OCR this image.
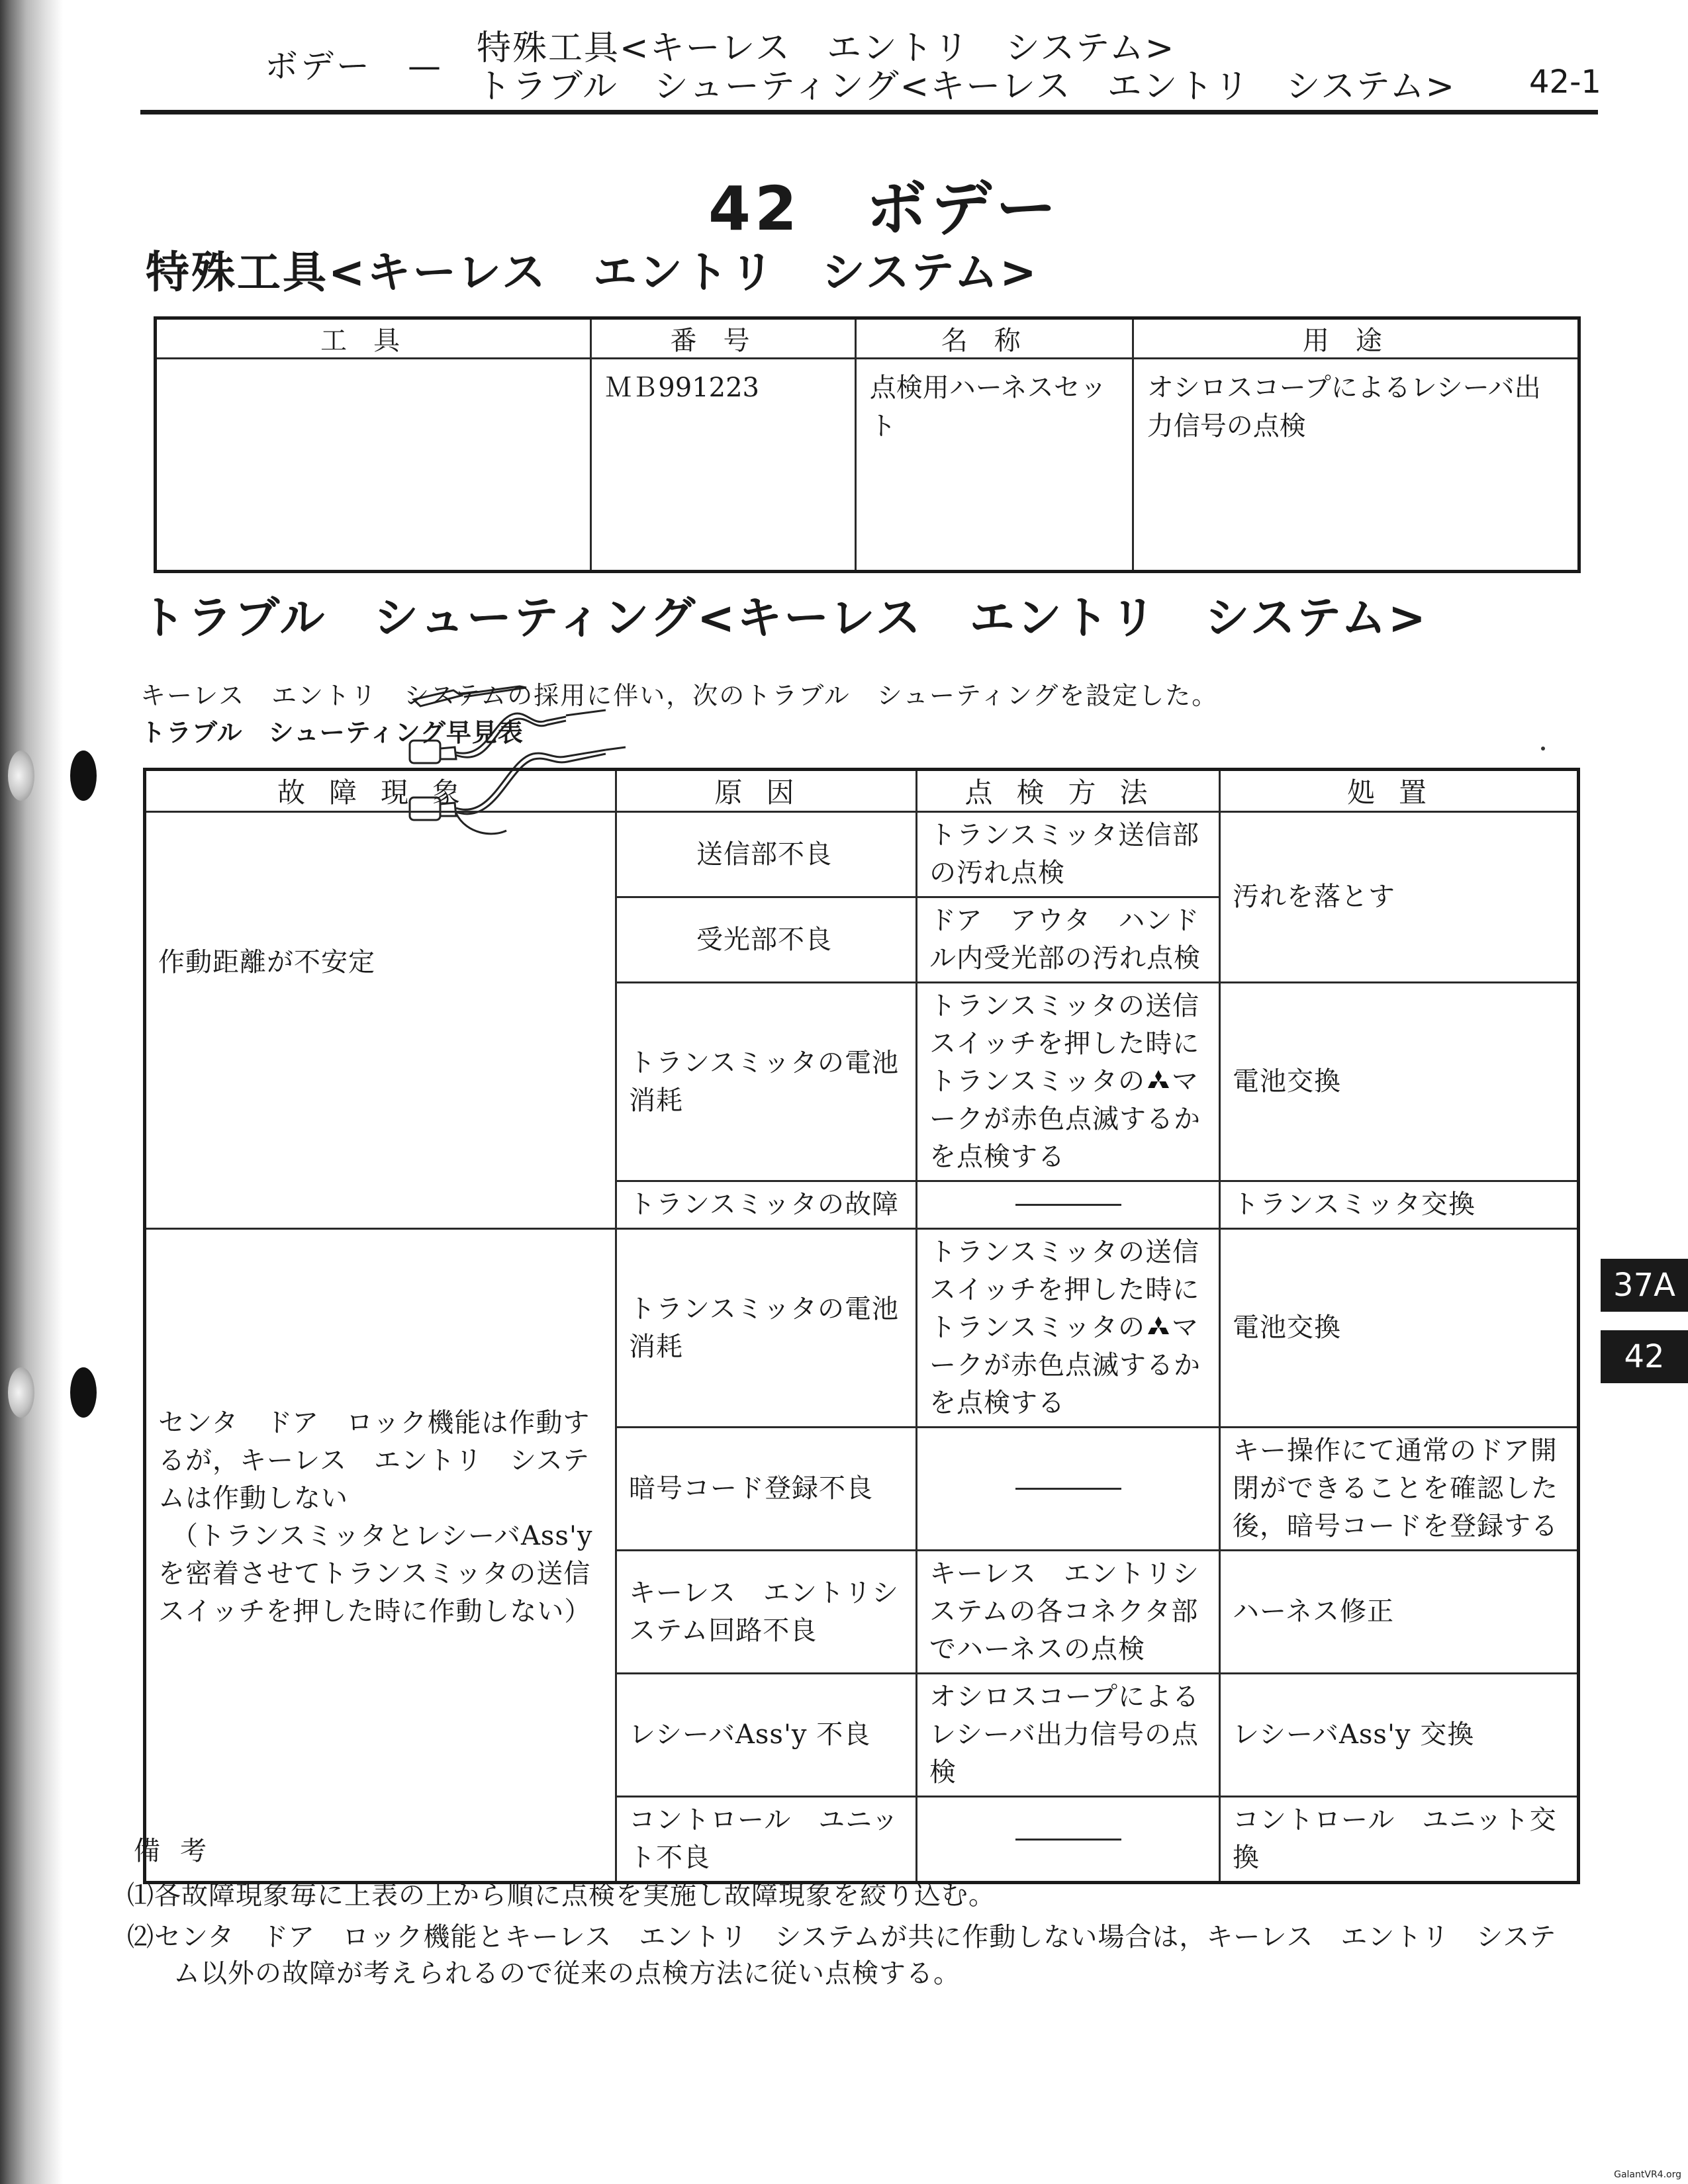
ボデー　— 特殊工具<キーレス　エントリ　システム>
トラブル　シューティング<キーレス　エントリ　システム> 42-1
42　ボデー
特殊工具<キーレス　エントリ　システム>
工具	番号	名称	用途

	ＭＢ991223	点検用ハーネスセット	オシロスコープによるレシーバ出力信号の点検
トラブル　シューティング<キーレス　エントリ　システム>
キーレス　エントリ　システムの採用に伴い，次のトラブル　シューティングを設定した。
トラブル　シューティング早見表
故障現象	原因	点検方法	処置
作動距離が不安定	送信部不良	トランスミッタ送信部の汚れ点検	汚れを落とす
	受光部不良	ドア　アウタ　ハンドル内受光部の汚れ点検	
	トランスミッタの電池消耗	トランスミッタの送信スイッチを押した時にトランスミッタの マークが赤色点滅するかを点検する	電池交換
	トランスミッタの故障		トランスミッタ交換

センタ　ドア　ロック機能は作動するが，キーレス　エントリ　システムは作動しない
（トランスミッタとレシーバAss'yを密着させてトランスミッタの送信スイッチを押した時に作動しない）	トランスミッタの電池消耗	トランスミッタの送信スイッチを押した時にトランスミッタの マークが赤色点滅するかを点検する	電池交換
	暗号コード登録不良		キー操作にて通常のドア開閉ができることを確認した後，暗号コードを登録する
	キーレス　エントリシステム回路不良	キーレス　エントリシステムの各コネクタ部でハーネスの点検	ハーネス修正
	レシーバAss'y 不良	オシロスコープによるレシーバ出力信号の点検	レシーバAss'y 交換
	コントロール　ユニット不良		コントロール　ユニット交換
備考
⑴各故障現象毎に上表の上から順に点検を実施し故障現象を絞り込む。
⑵センタ　ドア　ロック機能とキーレス　エントリ　システムが共に作動しない場合は，キーレス　エントリ　システ
ム以外の故障が考えられるので従来の点検方法に従い点検する。
37A
42
GalantVR4.org
